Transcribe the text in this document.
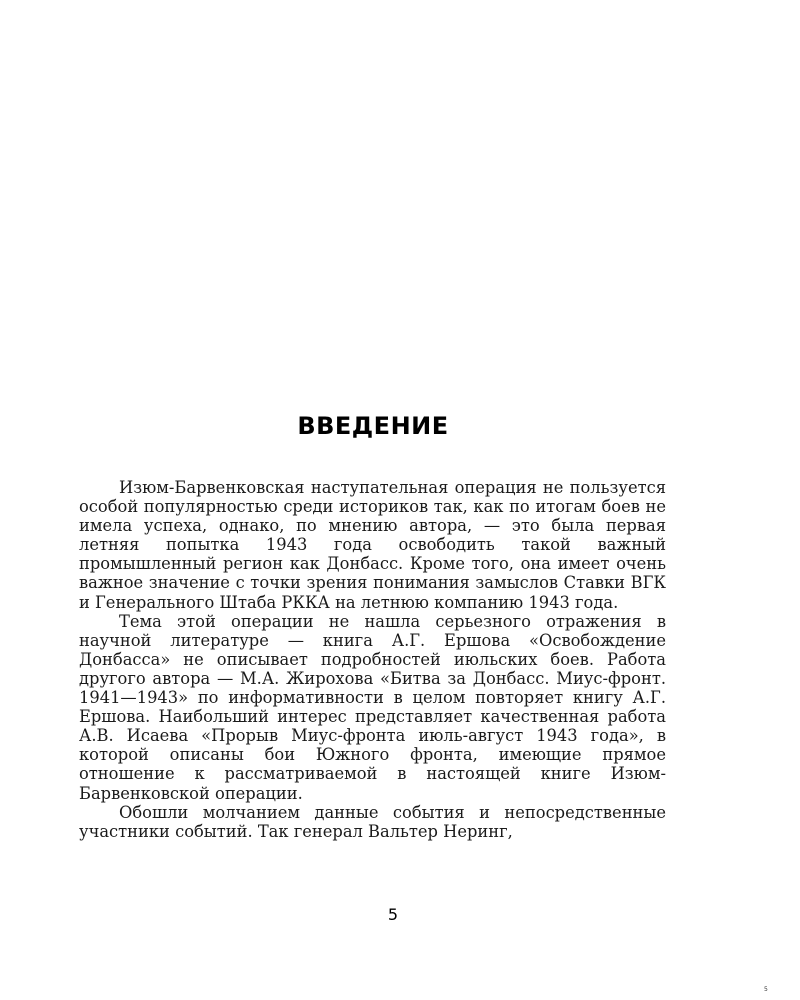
ВВЕДЕНИЕ

Изюм-Барвенковская наступательная операция не пользуется особой популярностью среди историков так, как по итогам боев не имела успеха, однако, по мнению автора, — это была первая летняя попытка 1943 года освободить такой важный промышленный регион как Донбасс. Кроме того, она имеет очень важное значение с точки зрения понимания замыслов Ставки ВГК и Генерального Штаба РККА на летнюю компанию 1943 года.

Тема этой операции не нашла серьезного отражения в научной литературе — книга А.Г. Ершова «Освобождение Донбасса» не описывает подробностей июльских боев. Работа другого автора — М.А. Жирохова «Битва за Донбасс. Миус-фронт. 1941—1943» по информативности в целом повторяет книгу А.Г. Ершова. Наибольший интерес представляет качественная работа А.В. Исаева «Прорыв Миус-фронта июль-август 1943 года», в которой описаны бои Южного фронта, имеющие прямое отношение к рассматриваемой в настоящей книге Изюм-Барвенковской операции.

Обошли молчанием данные события и непосредственные участники событий. Так генерал Вальтер Неринг,

5
5
